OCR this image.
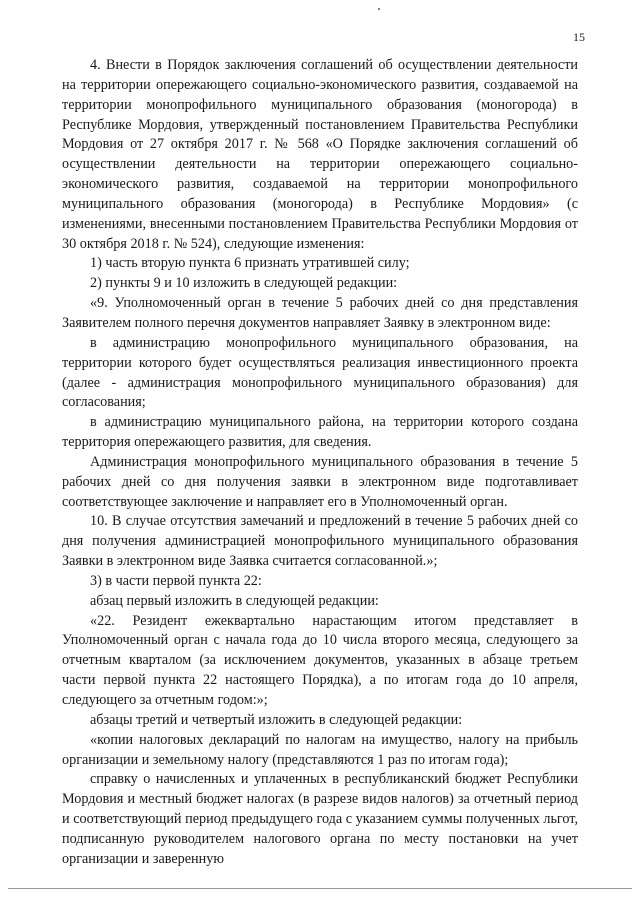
15

4. Внести в Порядок заключения соглашений об осуществлении деятельности на территории опережающего социально-экономического развития, создаваемой на территории монопрофильного муниципального образования (моногорода) в Республике Мордовия, утвержденный постановлением Правительства Республики Мордовия от 27 октября 2017 г. № 568 «О Порядке заключения соглашений об осуществлении деятельности на территории опережающего социально-экономического развития, создаваемой на территории монопрофильного муниципального образования (моногорода) в Республике Мордовия» (с изменениями, внесенными постановлением Правительства Республики Мордовия от 30 октября 2018 г. № 524), следующие изменения:

1) часть вторую пункта 6 признать утратившей силу;

2) пункты 9 и 10 изложить в следующей редакции:

«9. Уполномоченный орган в течение 5 рабочих дней со дня представления Заявителем полного перечня документов направляет Заявку в электронном виде:

в администрацию монопрофильного муниципального образования, на территории которого будет осуществляться реализация инвестиционного проекта (далее - администрация монопрофильного муниципального образования) для согласования;

в администрацию муниципального района, на территории которого создана территория опережающего развития, для сведения.

Администрация монопрофильного муниципального образования в течение 5 рабочих дней со дня получения заявки в электронном виде подготавливает соответствующее заключение и направляет его в Уполномоченный орган.

10. В случае отсутствия замечаний и предложений в течение 5 рабочих дней со дня получения администрацией монопрофильного муниципального образования Заявки в электронном виде Заявка считается согласованной.»;

3) в части первой пункта 22:

абзац первый изложить в следующей редакции:

«22. Резидент ежеквартально нарастающим итогом представляет в Уполномоченный орган с начала года до 10 числа второго месяца, следующего за отчетным кварталом (за исключением документов, указанных в абзаце третьем части первой пункта 22 настоящего Порядка), а по итогам года до 10 апреля, следующего за отчетным годом:»;

абзацы третий и четвертый изложить в следующей редакции:

«копии налоговых деклараций по налогам на имущество, налогу на прибыль организации и земельному налогу (представляются 1 раз по итогам года);

справку о начисленных и уплаченных в республиканский бюджет Республики Мордовия и местный бюджет налогах (в разрезе видов налогов) за отчетный период и соответствующий период предыдущего года с указанием суммы полученных льгот, подписанную руководителем налогового органа по месту постановки на учет организации и заверенную
